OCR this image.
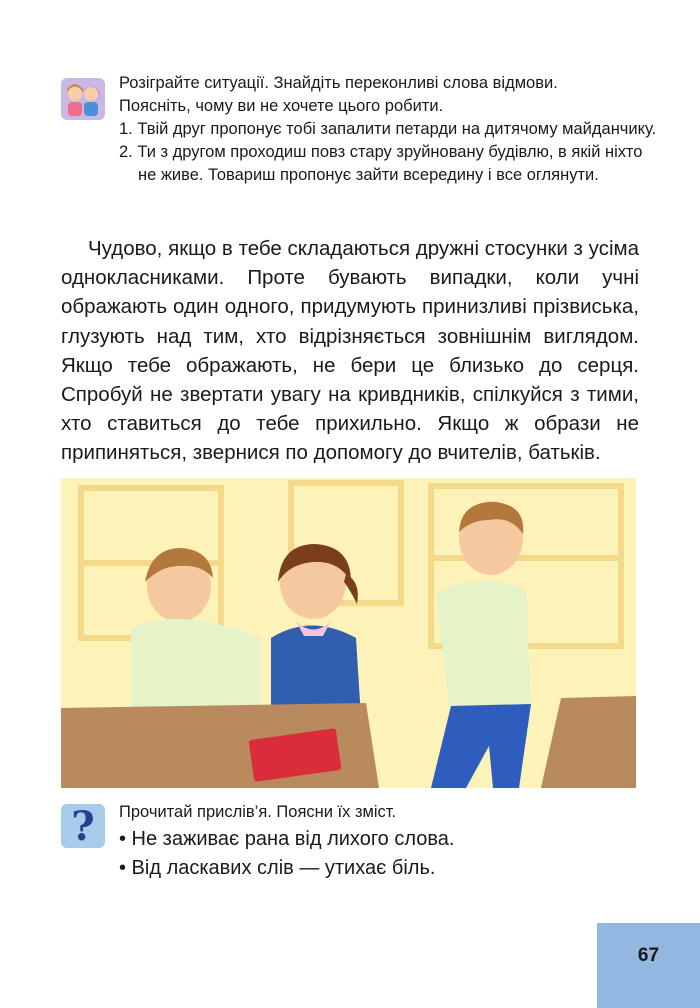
Розіграйте ситуації. Знайдіть переконливі слова відмови.

Поясніть, чому ви не хочете цього робити.

1. Твій друг пропонує тобі запалити петарди на дитячому майданчику.
2. Ти з другом проходиш повз стару зруйновану будівлю, в якій ніхто не живе. Товариш пропонує зайти всередину і все оглянути.

Чудово, якщо в тебе складаються дружні стосунки з усіма однокласниками. Проте бувають випадки, коли учні ображають один одного, придумують принизливі прізвиська, глузують над тим, хто відрізняється зовнішнім виглядом. Якщо тебе ображають, не бери це близько до серця. Спробуй не звертати увагу на кривдників, спілкуйся з тими, хто ставиться до тебе прихильно. Якщо ж образи не припиняться, звернися по допомогу до вчителів, батьків.

?	Прочитай прислів’я. Поясни їх зміст.

• Не заживає рана від лихого слова.
• Від ласкавих слів — утихає біль.
67
